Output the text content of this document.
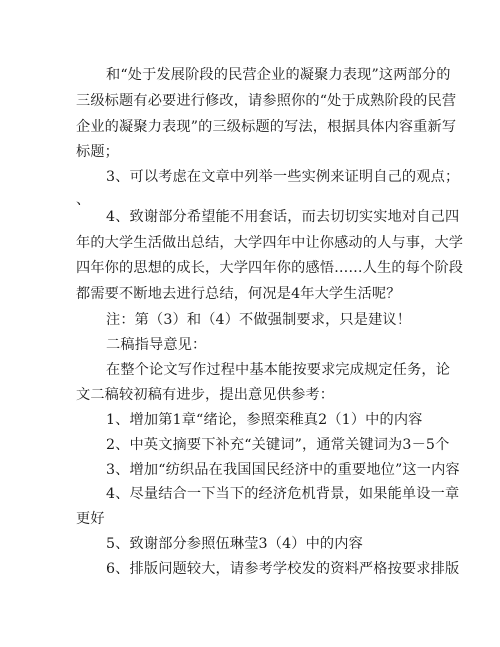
和“处于发展阶段的民营企业的凝聚力表现”这两部分的
三级标题有必要进行修改，请参照你的“处于成熟阶段的民营
企业的凝聚力表现”的三级标题的写法，根据具体内容重新写
标题；
3、可以考虑在文章中列举一些实例来证明自己的观点；
、
4、致谢部分希望能不用套话，而去切切实实地对自己四
年的大学生活做出总结，大学四年中让你感动的人与事，大学
四年你的思想的成长，大学四年你的感悟……人生的每个阶段
都需要不断地去进行总结，何况是4年大学生活呢？
注：第（3）和（4）不做强制要求，只是建议！
二稿指导意见：
在整个论文写作过程中基本能按要求完成规定任务，论
文二稿较初稿有进步，提出意见供参考：
1、增加第1章“绪论，参照栾稚真2（1）中的内容
2、中英文摘要下补充“关键词”，通常关键词为3－5个
3、增加“纺织品在我国国民经济中的重要地位”这一内容
4、尽量结合一下当下的经济危机背景，如果能单设一章
更好
5、致谢部分参照伍琳莹3（4）中的内容
6、排版问题较大，请参考学校发的资料严格按要求排版
